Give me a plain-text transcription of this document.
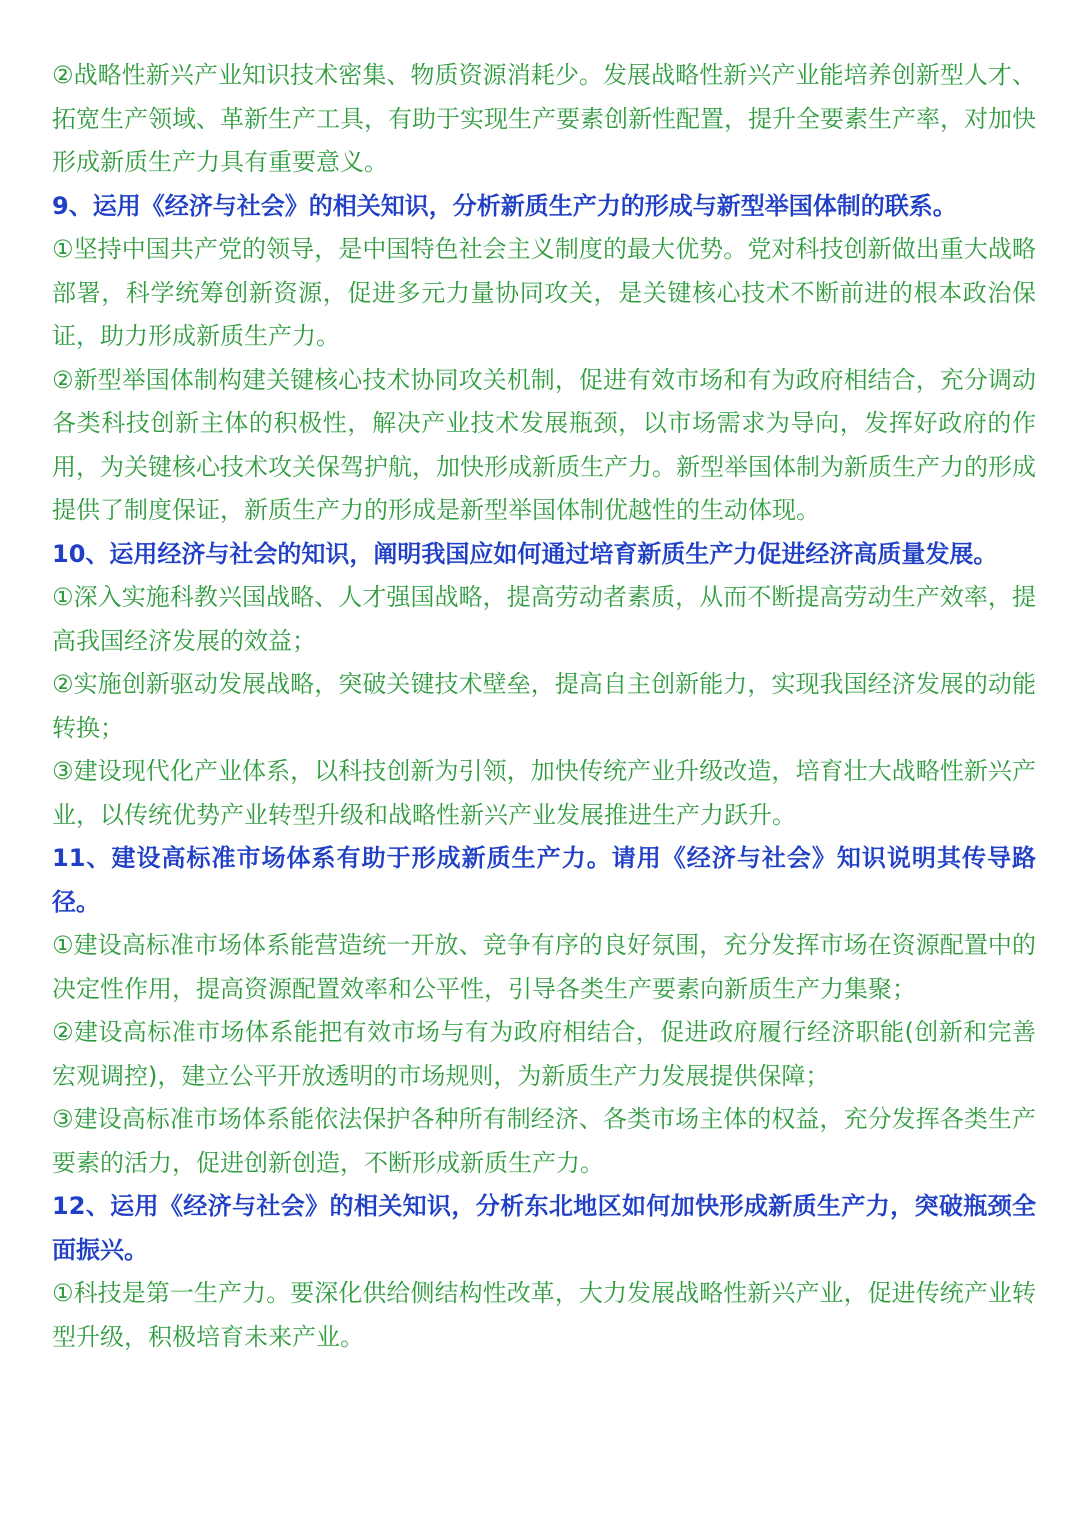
②战略性新兴产业知识技术密集、物质资源消耗少。发展战略性新兴产业能培养创新型人才、拓宽生产领域、革新生产工具，有助于实现生产要素创新性配置，提升全要素生产率，对加快形成新质生产力具有重要意义。

9、运用《经济与社会》的相关知识，分析新质生产力的形成与新型举国体制的联系。

①坚持中国共产党的领导，是中国特色社会主义制度的最大优势。党对科技创新做出重大战略部署，科学统筹创新资源，促进多元力量协同攻关，是关键核心技术不断前进的根本政治保证，助力形成新质生产力。

②新型举国体制构建关键核心技术协同攻关机制，促进有效市场和有为政府相结合，充分调动各类科技创新主体的积极性，解决产业技术发展瓶颈，以市场需求为导向，发挥好政府的作用，为关键核心技术攻关保驾护航，加快形成新质生产力。新型举国体制为新质生产力的形成提供了制度保证，新质生产力的形成是新型举国体制优越性的生动体现。

10、运用经济与社会的知识，阐明我国应如何通过培育新质生产力促进经济高质量发展。

①深入实施科教兴国战略、人才强国战略，提高劳动者素质，从而不断提高劳动生产效率，提高我国经济发展的效益；

②实施创新驱动发展战略，突破关键技术壁垒，提高自主创新能力，实现我国经济发展的动能转换；

③建设现代化产业体系，以科技创新为引领，加快传统产业升级改造，培育壮大战略性新兴产业，以传统优势产业转型升级和战略性新兴产业发展推进生产力跃升。

11、建设高标准市场体系有助于形成新质生产力。请用《经济与社会》知识说明其传导路径。

①建设高标准市场体系能营造统一开放、竞争有序的良好氛围，充分发挥市场在资源配置中的决定性作用，提高资源配置效率和公平性，引导各类生产要素向新质生产力集聚；

②建设高标准市场体系能把有效市场与有为政府相结合，促进政府履行经济职能(创新和完善宏观调控)，建立公平开放透明的市场规则，为新质生产力发展提供保障；

③建设高标准市场体系能依法保护各种所有制经济、各类市场主体的权益，充分发挥各类生产要素的活力，促进创新创造，不断形成新质生产力。

12、运用《经济与社会》的相关知识，分析东北地区如何加快形成新质生产力，突破瓶颈全面振兴。

①科技是第一生产力。要深化供给侧结构性改革，大力发展战略性新兴产业，促进传统产业转型升级，积极培育未来产业。
